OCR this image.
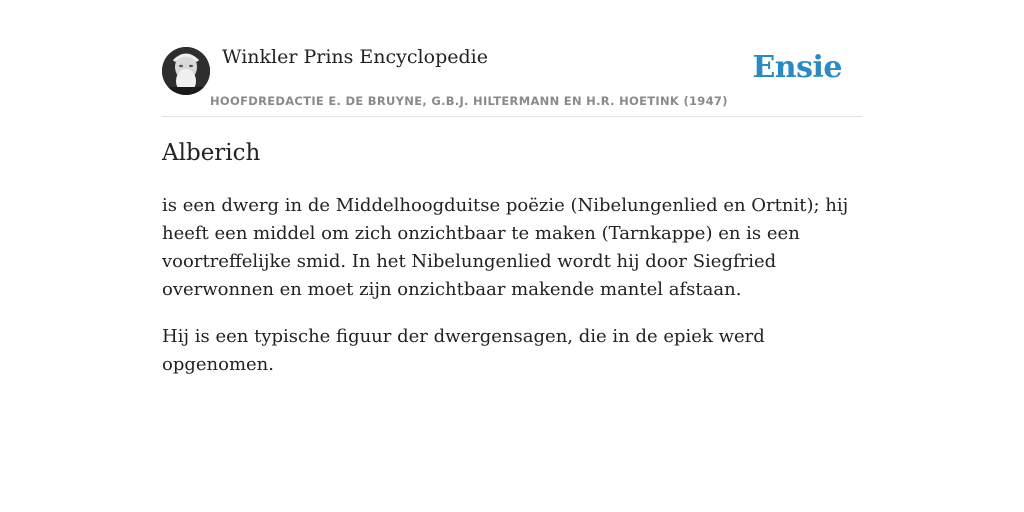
Winkler Prins Encyclopedie
HOOFDREDACTIE E. DE BRUYNE, G.B.J. HILTERMANN EN H.R. HOETINK (1947)
Ensie
Alberich

is een dwerg in de Middelhoogduitse poëzie (Nibelungenlied en Ortnit); hij heeft een middel om zich onzichtbaar te maken (Tarnkappe) en is een voortreffelijke smid. In het Nibelungenlied wordt hij door Siegfried overwonnen en moet zijn onzichtbaar makende mantel afstaan.

Hij is een typische figuur der dwergensagen, die in de epiek werd opgenomen.
